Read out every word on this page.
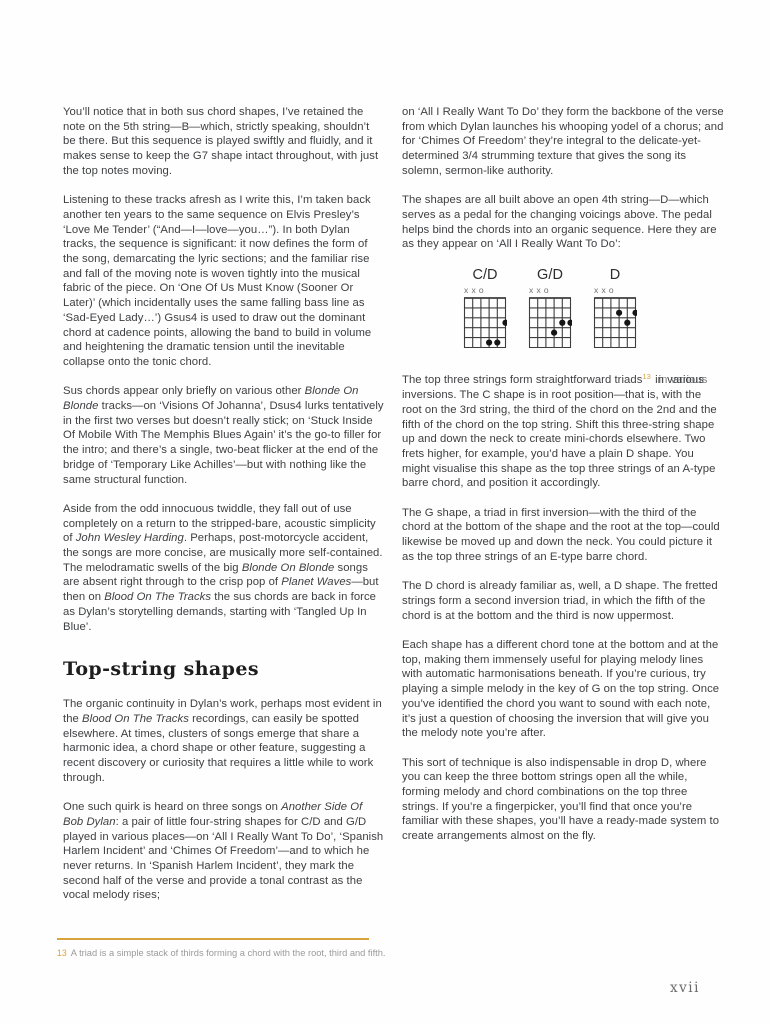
You’ll notice that in both sus chord shapes, I’ve retained the note on the 5th string—B—which, strictly speaking, shouldn’t be there. But this sequence is played swiftly and fluidly, and it makes sense to keep the G7 shape intact throughout, with just the top notes moving.

Listening to these tracks afresh as I write this, I’m taken back another ten years to the same sequence on Elvis Presley’s ‘Love Me Tender’ (“And—I—love—you…”). In both Dylan tracks, the sequence is significant: it now defines the form of the song, demarcating the lyric sections; and the familiar rise and fall of the moving note is woven tightly into the musical fabric of the piece. On ‘One Of Us Must Know (Sooner Or Later)’ (which incidentally uses the same falling bass line as ‘Sad-Eyed Lady…’) Gsus4 is used to draw out the dominant chord at cadence points, allowing the band to build in volume and heightening the dramatic tension until the inevitable collapse onto the tonic chord.

Sus chords appear only briefly on various other Blonde On Blonde tracks—on ‘Visions Of Johanna’, Dsus4 lurks tentatively in the first two verses but doesn’t really stick; on ‘Stuck Inside Of Mobile With The Memphis Blues Again’ it’s the go-to filler for the intro; and there’s a single, two-beat flicker at the end of the bridge of ‘Temporary Like Achilles’—but with nothing like the same structural function.

Aside from the odd innocuous twiddle, they fall out of use completely on a return to the stripped-bare, acoustic simplicity of John Wesley Harding. Perhaps, post-motorcycle accident, the songs are more concise, are musically more self-contained. The melodramatic swells of the big Blonde On Blonde songs are absent right through to the crisp pop of Planet Waves—but then on Blood On The Tracks the sus chords are back in force as Dylan’s storytelling demands, starting with ‘Tangled Up In Blue’.

Top-string shapes

The organic continuity in Dylan’s work, perhaps most evident in the Blood On The Tracks recordings, can easily be spotted elsewhere. At times, clusters of songs emerge that share a harmonic idea, a chord shape or other feature, suggesting a recent discovery or curiosity that requires a little while to work through.

One such quirk is heard on three songs on Another Side Of Bob Dylan: a pair of little four-string shapes for C/D and G/D played in various places—on ‘All I Really Want To Do’, ‘Spanish Harlem Incident’ and ‘Chimes Of Freedom’—and to which he never returns. In ‘Spanish Harlem Incident’, they mark the second half of the verse and provide a tonal contrast as the vocal melody rises;

on ‘All I Really Want To Do’ they form the backbone of the verse from which Dylan launches his whooping yodel of a chorus; and for ‘Chimes Of Freedom’ they’re integral to the delicate-yet-determined 3/4 strumming texture that gives the song its solemn, sermon-like authority.

The shapes are all built above an open 4th string—D—which serves as a pedal for the changing voicings above. The pedal helps bind the chords into an organic sequence. Here they are as they appear on ‘All I Really Want To Do’:

C/D
xxo
G/D
xxo
D
xxo

The top three strings form straightforward triads$^{13}$ in various inversions. The C shape is in root position—that is, with the root on the 3rd string, the third of the chord on the 2nd and the fifth of the chord on the top string. Shift this three-string shape up and down the neck to create mini-chords elsewhere. Two frets higher, for example, you’d have a plain D shape. You might visualise this shape as the top three strings of an A-type barre chord, and position it accordingly.

The G shape, a triad in first inversion—with the third of the chord at the bottom of the shape and the root at the top—could likewise be moved up and down the neck. You could picture it as the top three strings of an E-type barre chord.

The D chord is already familiar as, well, a D shape. The fretted strings form a second inversion triad, in which the fifth of the chord is at the bottom and the third is now uppermost.

Each shape has a different chord tone at the bottom and at the top, making them immensely useful for playing melody lines with automatic harmonisations beneath. If you’re curious, try playing a simple melody in the key of G on the top string. Once you’ve identified the chord you want to sound with each note, it’s just a question of choosing the inversion that will give you the melody note you’re after.

This sort of technique is also indispensable in drop D, where you can keep the three bottom strings open all the while, forming melody and chord combinations on the top three strings. If you’re a fingerpicker, you’ll find that once you’re familiar with these shapes, you’ll have a ready-made system to create arrangements almost on the fly.

13 A triad is a simple stack of thirds forming a chord with the root, third and fifth.
xvii
